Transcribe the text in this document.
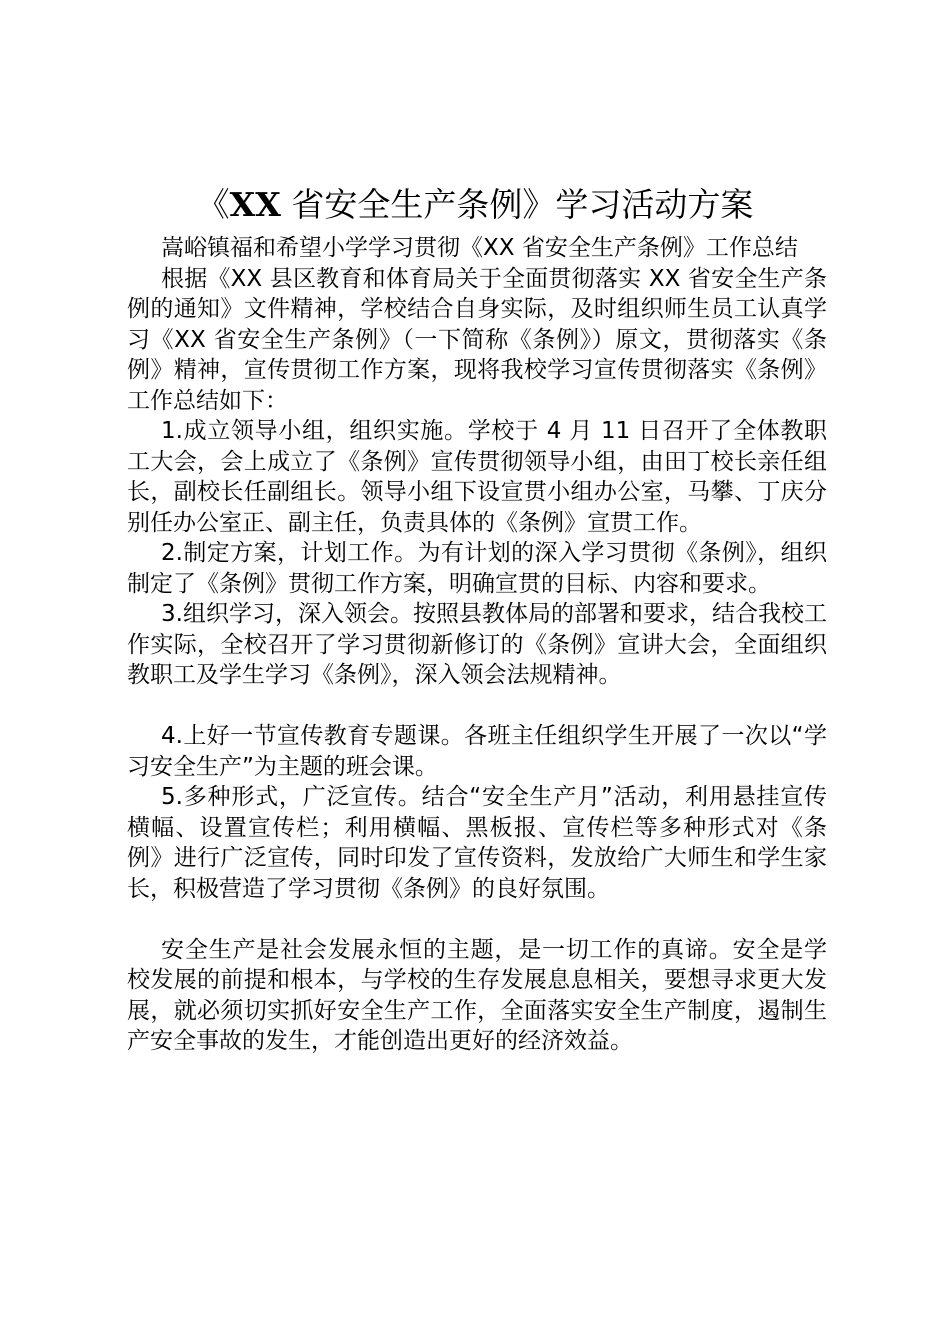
《XX 省安全生产条例》学习活动方案

嵩峪镇福和希望小学学习贯彻《XX 省安全生产条例》工作总结

根据《XX 县区教育和体育局关于全面贯彻落实 XX 省安全生产条例的通知》文件精神，学校结合自身实际，及时组织师生员工认真学习《XX 省安全生产条例》（一下简称《条例》）原文，贯彻落实《条例》精神，宣传贯彻工作方案，现将我校学习宣传贯彻落实《条例》工作总结如下：

1.成立领导小组，组织实施。学校于 4 月 11 日召开了全体教职工大会，会上成立了《条例》宣传贯彻领导小组，由田丁校长亲任组长，副校长任副组长。领导小组下设宣贯小组办公室，马攀、丁庆分别任办公室正、副主任，负责具体的《条例》宣贯工作。

2.制定方案，计划工作。为有计划的深入学习贯彻《条例》，组织制定了《条例》贯彻工作方案，明确宣贯的目标、内容和要求。

3.组织学习，深入领会。按照县教体局的部署和要求，结合我校工作实际，全校召开了学习贯彻新修订的《条例》宣讲大会，全面组织教职工及学生学习《条例》，深入领会法规精神。

4.上好一节宣传教育专题课。各班主任组织学生开展了一次以“学习安全生产”为主题的班会课。

5.多种形式，广泛宣传。结合“安全生产月”活动，利用悬挂宣传横幅、设置宣传栏；利用横幅、黑板报、宣传栏等多种形式对《条例》进行广泛宣传，同时印发了宣传资料，发放给广大师生和学生家长，积极营造了学习贯彻《条例》的良好氛围。

安全生产是社会发展永恒的主题，是一切工作的真谛。安全是学校发展的前提和根本，与学校的生存发展息息相关，要想寻求更大发展，就必须切实抓好安全生产工作，全面落实安全生产制度，遏制生产安全事故的发生，才能创造出更好的经济效益。
